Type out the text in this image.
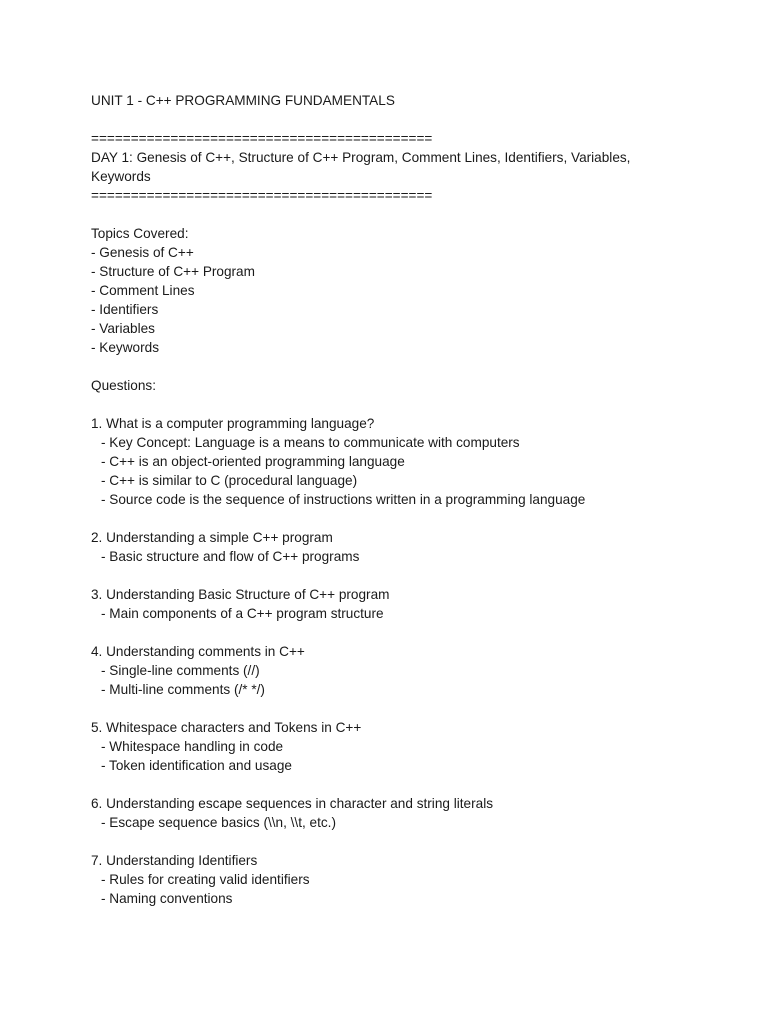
UNIT 1 - C++ PROGRAMMING FUNDAMENTALS
===========================================
DAY 1: Genesis of C++, Structure of C++ Program, Comment Lines, Identifiers, Variables, Keywords
===========================================
Topics Covered:
- Genesis of C++
- Structure of C++ Program
- Comment Lines
- Identifiers
- Variables
- Keywords
Questions:
1. What is a computer programming language?
- Key Concept: Language is a means to communicate with computers
- C++ is an object-oriented programming language
- C++ is similar to C (procedural language)
- Source code is the sequence of instructions written in a programming language
2. Understanding a simple C++ program
- Basic structure and flow of C++ programs
3. Understanding Basic Structure of C++ program
- Main components of a C++ program structure
4. Understanding comments in C++
- Single-line comments (//)
- Multi-line comments (/* */)
5. Whitespace characters and Tokens in C++
- Whitespace handling in code
- Token identification and usage
6. Understanding escape sequences in character and string literals
- Escape sequence basics (\\n, \\t, etc.)
7. Understanding Identifiers
- Rules for creating valid identifiers
- Naming conventions
